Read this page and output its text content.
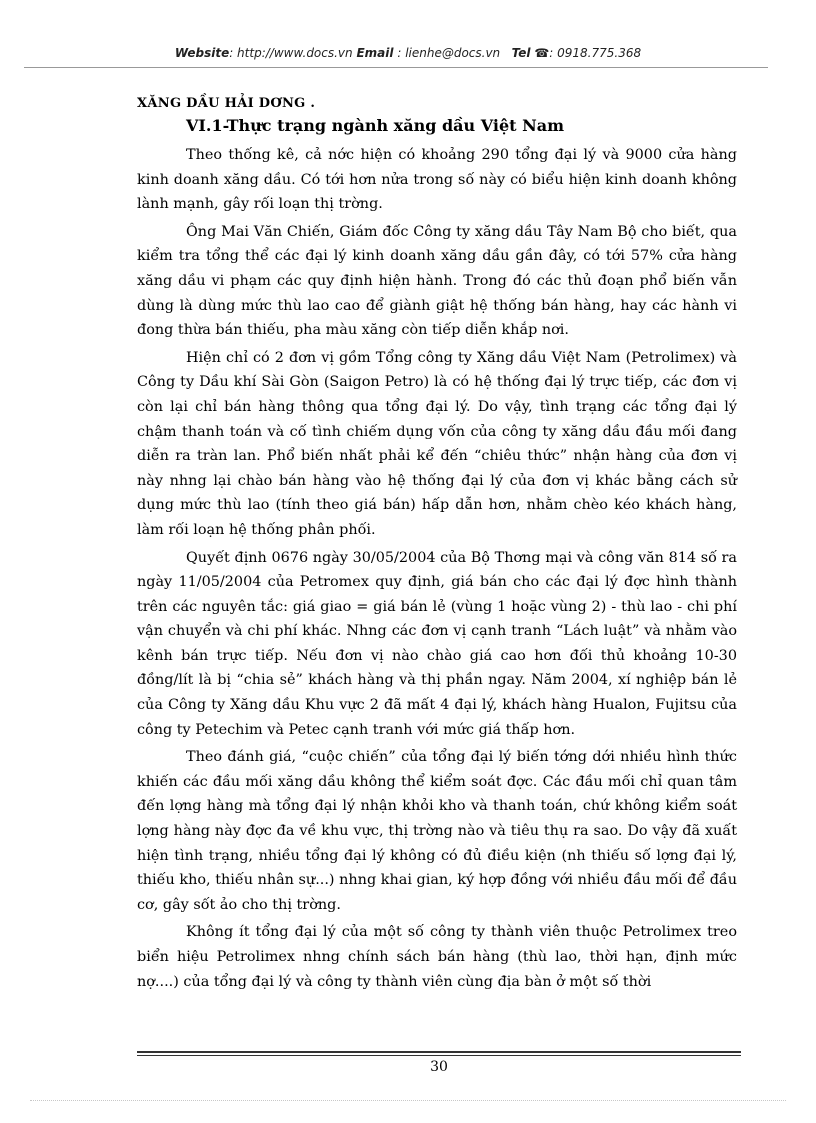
Website: http://www.docs.vn Email : lienhe@docs.vn Tel ☎: 0918.775.368
XĂNG DẦU HẢI DƠNG .
VI.1-Thực trạng ngành xăng dầu Việt Nam

Theo thống kê, cả nớc hiện có khoảng 290 tổng đại lý và 9000 cửa hàng kinh doanh xăng dầu. Có tới hơn nửa trong số này có biểu hiện kinh doanh không lành mạnh, gây rối loạn thị trờng.

Ông Mai Văn Chiến, Giám đốc Công ty xăng dầu Tây Nam Bộ cho biết, qua kiểm tra tổng thể các đại lý kinh doanh xăng dầu gần đây, có tới 57% cửa hàng xăng dầu vi phạm các quy định hiện hành. Trong đó các thủ đoạn phổ biến vẫn dùng là dùng mức thù lao cao để giành giật hệ thống bán hàng, hay các hành vi đong thừa bán thiếu, pha màu xăng còn tiếp diễn khắp nơi.

Hiện chỉ có 2 đơn vị gồm Tổng công ty Xăng dầu Việt Nam (Petrolimex) và Công ty Dầu khí Sài Gòn (Saigon Petro) là có hệ thống đại lý trực tiếp, các đơn vị còn lại chỉ bán hàng thông qua tổng đại lý. Do vậy, tình trạng các tổng đại lý chậm thanh toán và cố tình chiếm dụng vốn của công ty xăng dầu đầu mối đang diễn ra tràn lan. Phổ biến nhất phải kể đến “chiêu thức” nhận hàng của đơn vị này nhng lại chào bán hàng vào hệ thống đại lý của đơn vị khác bằng cách sử dụng mức thù lao (tính theo giá bán) hấp dẫn hơn, nhằm chèo kéo khách hàng, làm rối loạn hệ thống phân phối.

Quyết định 0676 ngày 30/05/2004 của Bộ Thơng mại và công văn 814 số ra ngày 11/05/2004 của Petromex quy định, giá bán cho các đại lý đợc hình thành trên các nguyên tắc: giá giao = giá bán lẻ (vùng 1 hoặc vùng 2) - thù lao - chi phí vận chuyển và chi phí khác. Nhng các đơn vị cạnh tranh “Lách luật” và nhằm vào kênh bán trực tiếp. Nếu đơn vị nào chào giá cao hơn đối thủ khoảng 10-30 đồng/lít là bị “chia sẻ” khách hàng và thị phần ngay. Năm 2004, xí nghiệp bán lẻ của Công ty Xăng dầu Khu vực 2 đã mất 4 đại lý, khách hàng Hualon, Fujitsu của công ty Petechim và Petec cạnh tranh với mức giá thấp hơn.

Theo đánh giá, “cuộc chiến” của tổng đại lý biến tớng dới nhiều hình thức khiến các đầu mối xăng dầu không thể kiểm soát đợc. Các đầu mối chỉ quan tâm đến lợng hàng mà tổng đại lý nhận khỏi kho và thanh toán, chứ không kiểm soát lợng hàng này đợc đa về khu vực, thị trờng nào và tiêu thụ ra sao. Do vậy đã xuất hiện tình trạng, nhiều tổng đại lý không có đủ điều kiện (nh thiếu số lợng đại lý, thiếu kho, thiếu nhân sự...) nhng khai gian, ký hợp đồng với nhiều đầu mối để đầu cơ, gây sốt ảo cho thị trờng.

Không ít tổng đại lý của một số công ty thành viên thuộc Petrolimex treo biển hiệu Petrolimex nhng chính sách bán hàng (thù lao, thời hạn, định mức nợ....) của tổng đại lý và công ty thành viên cùng địa bàn ở một số thời

30
